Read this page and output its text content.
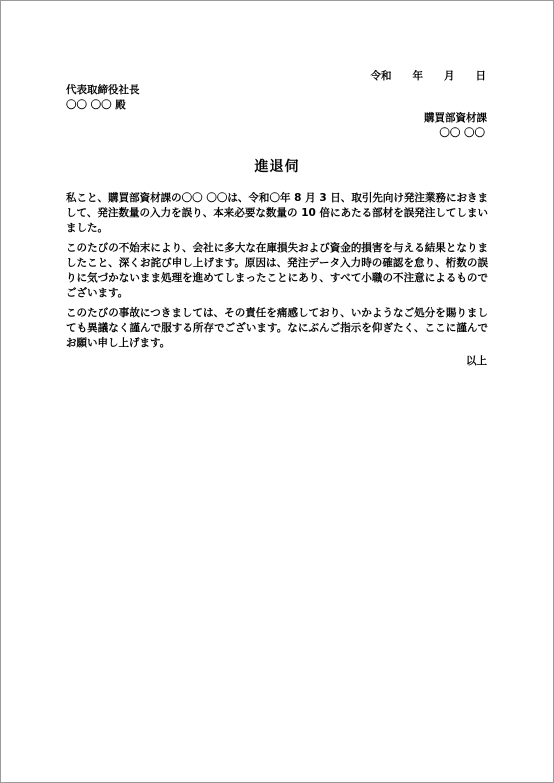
令和　　年　　月　　日
代表取締役社長
〇〇 〇〇 殿
購買部資材課
〇〇 〇〇
進退伺

私こと、購買部資材課の〇〇 〇〇は、令和〇年 8 月 3 日、取引先向け発注業務におきまして、発注数量の入力を誤り、本来必要な数量の 10 倍にあたる部材を誤発注してしまいました。

このたびの不始末により、会社に多大な在庫損失および資金的損害を与える結果となりましたこと、深くお詫び申し上げます。原因は、発注データ入力時の確認を怠り、桁数の誤りに気づかないまま処理を進めてしまったことにあり、すべて小職の不注意によるものでございます。

このたびの事故につきましては、その責任を痛感しており、いかようなご処分を賜りましても異議なく謹んで服する所存でございます。なにぶんご指示を仰ぎたく、ここに謹んでお願い申し上げます。

以上
